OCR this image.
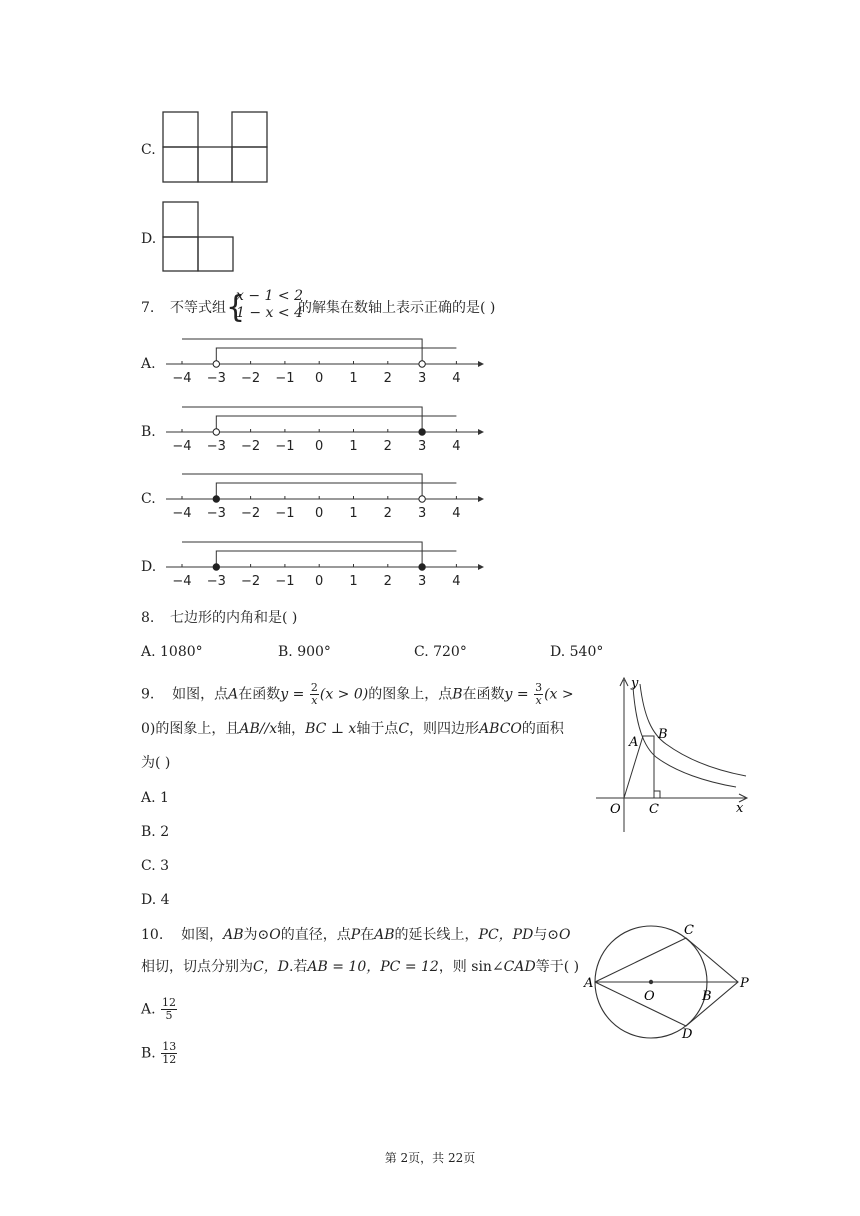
C.
D.
7. 不等式组 {
x − 1 < 2
1 − x < 4
的解集在数轴上表示正确的是( )
A.
−4 −3 −2 −1 0 1 2 3 4
B.
−4 −3 −2 −1 0 1 2 3 4
C.
−4 −3 −2 −1 0 1 2 3 4
D.
−4 −3 −2 −1 0 1 2 3 4
8. 七边形的内角和是( )
A. 1080°	B. 900°	C. 720°	D. 540°
9. 如图，点A在函数$y = \frac{2}{x} (x > 0)$的图象上，点B在函数$y = \frac{3}{x} (x$ >
0)的图象上，且AB//x轴，BC ⊥ x轴于点C，则四边形ABCO的面积
为( )
A. 1
B. 2
C. 3
D. 4
y
x
O
A
B
C
10. 如图，AB为⊙O的直径，点P在AB的延长线上，PC，PD与⊙O
相切，切点分别为C，D.若AB = 10，PC = 12，则 sin∠CAD等于( )
A. $\frac{12}{5}$
B. $\frac{13}{12}$
A
O	B
P
C
D
第 2页，共 22页
